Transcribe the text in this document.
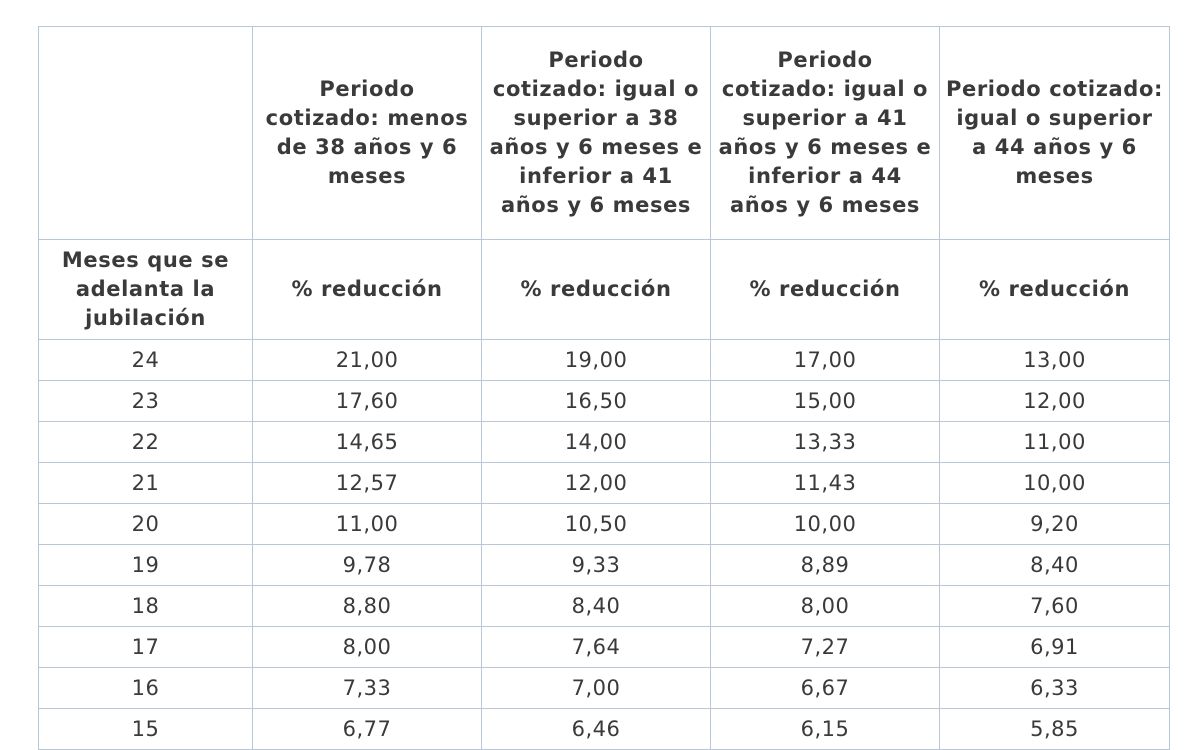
	Periodo cotizado: menos de 38 años y 6 meses	Periodo cotizado: igual o superior a 38 años y 6 meses e inferior a 41 años y 6 meses	Periodo cotizado: igual o superior a 41 años y 6 meses e inferior a 44 años y 6 meses	Periodo cotizado: igual o superior a 44 años y 6 meses
Meses que se adelanta la jubilación	% reducción	% reducción	% reducción	% reducción
24	21,00	19,00	17,00	13,00
23	17,60	16,50	15,00	12,00
22	14,65	14,00	13,33	11,00
21	12,57	12,00	11,43	10,00
20	11,00	10,50	10,00	9,20
19	9,78	9,33	8,89	8,40
18	8,80	8,40	8,00	7,60
17	8,00	7,64	7,27	6,91
16	7,33	7,00	6,67	6,33
15	6,77	6,46	6,15	5,85
